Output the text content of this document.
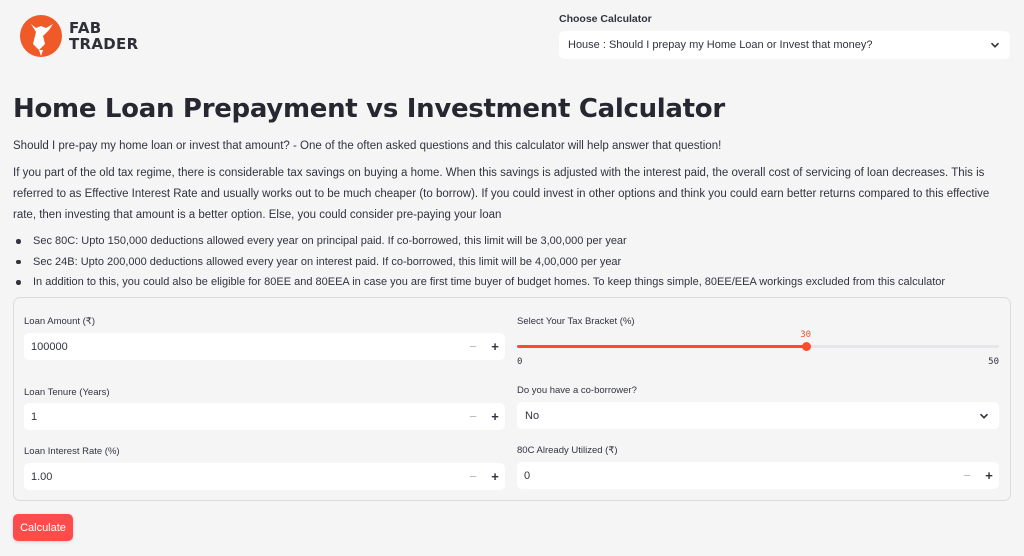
FAB
TRADER
Choose Calculator
House : Should I prepay my Home Loan or Invest that money?
Home Loan Prepayment vs Investment Calculator

Should I pre-pay my home loan or invest that amount? - One of the often asked questions and this calculator will help answer that question!

If you part of the old tax regime, there is considerable tax savings on buying a home. When this savings is adjusted with the interest paid, the overall cost of servicing of loan decreases. This is referred to as Effective Interest Rate and usually works out to be much cheaper (to borrow). If you could invest in other options and think you could earn better returns compared to this effective rate, then investing that amount is a better option. Else, you could consider pre-paying your loan

Sec 80C: Upto 150,000 deductions allowed every year on principal paid. If co-borrowed, this limit will be 3,00,000 per year
Sec 24B: Upto 200,000 deductions allowed every year on interest paid. If co-borrowed, this limit will be 4,00,000 per year
In addition to this, you could also be eligible for 80EE and 80EEA in case you are first time buyer of budget homes. To keep things simple, 80EE/EEA workings excluded from this calculator
Loan Amount (₹)
100000	−	+
Loan Tenure (Years)
1	−	+
Loan Interest Rate (%)
1.00	−	+
Select Your Tax Bracket (%)
30
0	50
Do you have a co-borrower?
No
80C Already Utilized (₹)
0	−	+
Calculate
